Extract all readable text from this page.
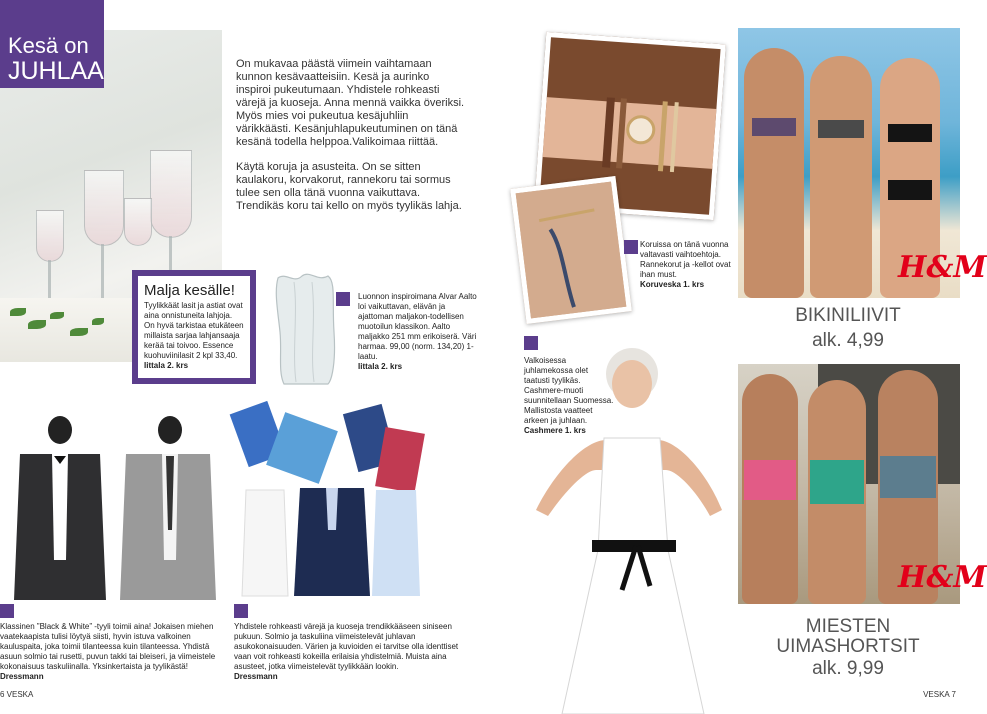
Kesä on
JUHLAA	On mukavaa päästä viimein vaihtamaan kunnon kesävaatteisiin. Kesä ja aurinko inspiroi pukeutumaan. Yhdistele rohkeasti värejä ja kuoseja. Anna mennä vaikka överiksi. Myös mies voi pukeutua kesäjuhliin värikkäästi. Kesänjuhlapukeutuminen on tänä kesänä todella helppoa.Valikoimaa riittää.

Käytä koruja ja asusteita. On se sitten kaulakoru, korvakorut, rannekoru tai sormus tulee sen olla tänä vuonna vaikuttava. Trendikäs koru tai kello on myös tyylikäs lahja.

Malja kesälle!
Tyylikkäät lasit ja astiat ovat aina onnistuneita lahjoja. On hyvä tarkistaa etukäteen millaista sarjaa lahjansaaja kerää tai toivoo. Essence kuohuviinilasit 2 kpl 33,40. Iittala 2. krs
Luonnon inspiroimana Alvar Aalto loi vaikuttavan, elävän ja ajattoman maljakon-todellisen muotoilun klassikon. Aalto maljakko 251 mm erikoiserä. Väri harmaa. 99,00 (norm. 134,20) 1-laatu.
Iittala 2. krs
Koruissa on tänä vuonna valtavasti vaihtoehtoja. Rannekorut ja -kellot ovat ihan must.
Koruveska 1. krs	H&M
BIKINILIIVIT
alk. 4,99
H&M
MIESTEN
UIMASHORTSIT
alk. 9,99
Valkoisessa juhlamekossa olet taatusti tyylikäs. Cashmere-muoti suunnitellaan Suomessa. Mallistosta vaatteet arkeen ja juhlaan.
Cashmere 1. krs
Klassinen ”Black & White” -tyyli toimii aina! Jokaisen miehen vaatekaapista tulisi löytyä siisti, hyvin istuva valkoinen kauluspaita, joka toimii tilanteessa kuin tilanteessa. Yhdistä asuun solmio tai rusetti, puvun takki tai bleiseri, ja viimeistele kokonaisuus taskuliinalla. Yksinkertaista ja tyylikästä!
Dressmann
Yhdistele rohkeasti värejä ja kuoseja trendikkääseen siniseen pukuun. Solmio ja taskuliina viimeistelevät juhlavan asukokonaisuuden. Värien ja kuvioiden ei tarvitse olla identtiset vaan voit rohkeasti kokeilla erilaisia yhdistelmiä. Muista aina asusteet, jotka viimeistelevät tyylikkään lookin.
Dressmann
6 VESKA	VESKA 7
